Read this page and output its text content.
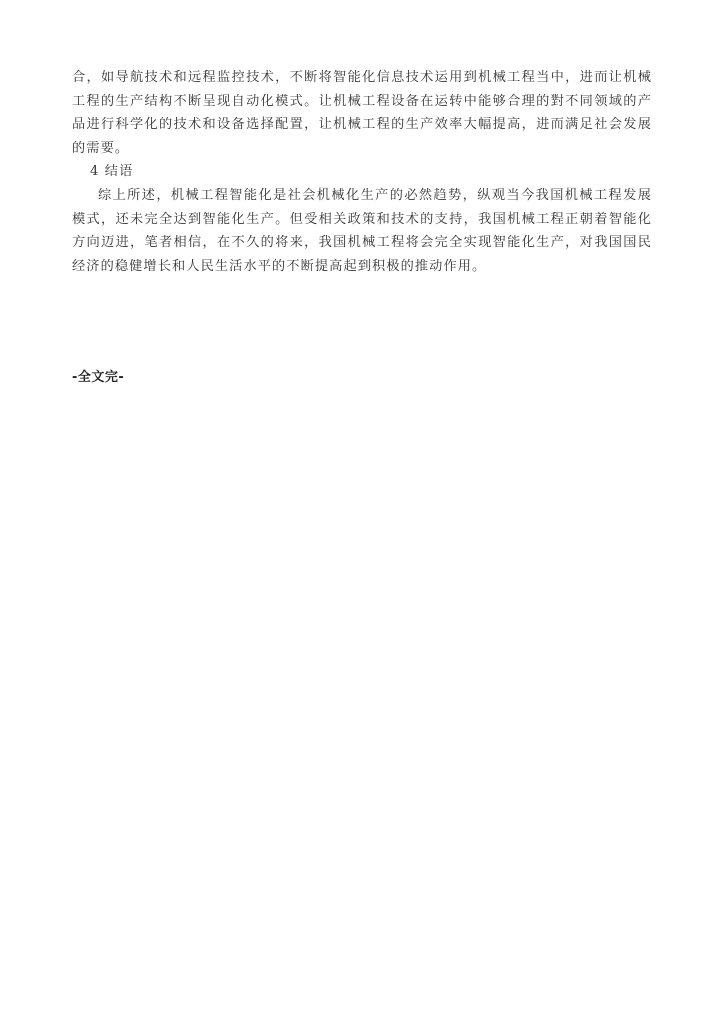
合，如导航技术和远程监控技术，不断将智能化信息技术运用到机械工程当中，进而让机械工程的生产结构不断呈现自动化模式。让机械工程设备在运转中能够合理的對不同领域的产品进行科学化的技术和设备选择配置，让机械工程的生产效率大幅提高，进而满足社会发展的需要。

4 结语

综上所述，机械工程智能化是社会机械化生产的必然趋势，纵观当今我国机械工程发展模式，还未完全达到智能化生产。但受相关政策和技术的支持，我国机械工程正朝着智能化方向迈进，笔者相信，在不久的将来，我国机械工程将会完全实现智能化生产，对我国国民经济的稳健增长和人民生活水平的不断提高起到积极的推动作用。

-全文完-
